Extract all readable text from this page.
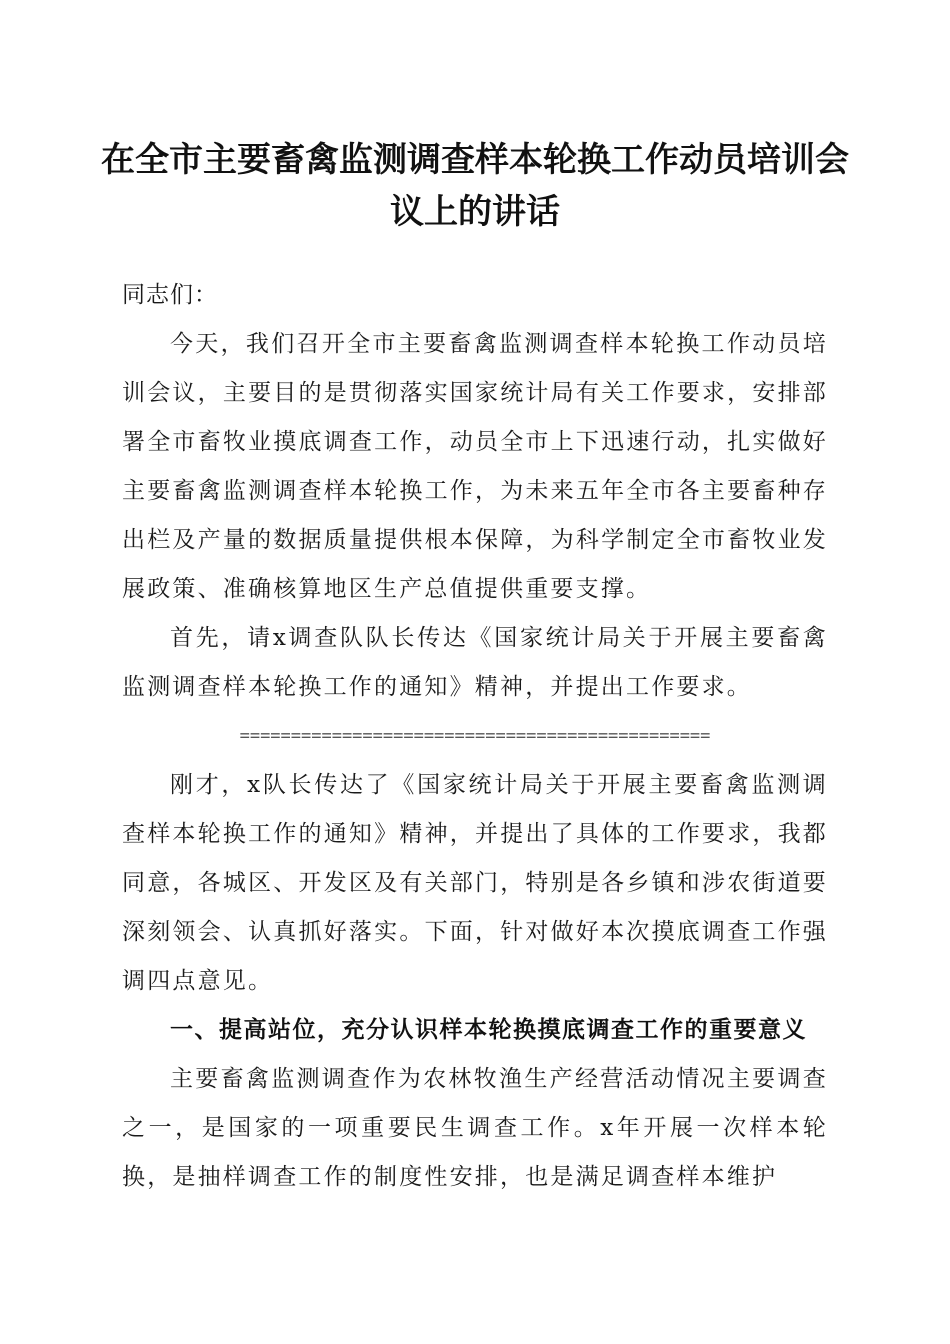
在全市主要畜禽监测调查样本轮换工作动员培训会议上的讲话

同志们：

今天，我们召开全市主要畜禽监测调查样本轮换工作动员培训会议，主要目的是贯彻落实国家统计局有关工作要求，安排部署全市畜牧业摸底调查工作，动员全市上下迅速行动，扎实做好主要畜禽监测调查样本轮换工作，为未来五年全市各主要畜种存出栏及产量的数据质量提供根本保障，为科学制定全市畜牧业发展政策、准确核算地区生产总值提供重要支撑。

首先，请x调查队队长传达《国家统计局关于开展主要畜禽监测调查样本轮换工作的通知》精神，并提出工作要求。

==============================================

刚才，x队长传达了《国家统计局关于开展主要畜禽监测调查样本轮换工作的通知》精神，并提出了具体的工作要求，我都同意，各城区、开发区及有关部门，特别是各乡镇和涉农街道要深刻领会、认真抓好落实。下面，针对做好本次摸底调查工作强调四点意见。

一、提高站位，充分认识样本轮换摸底调查工作的重要意义

主要畜禽监测调查作为农林牧渔生产经营活动情况主要调查之一，是国家的一项重要民生调查工作。x年开展一次样本轮换，是抽样调查工作的制度性安排，也是满足调查样本维护
